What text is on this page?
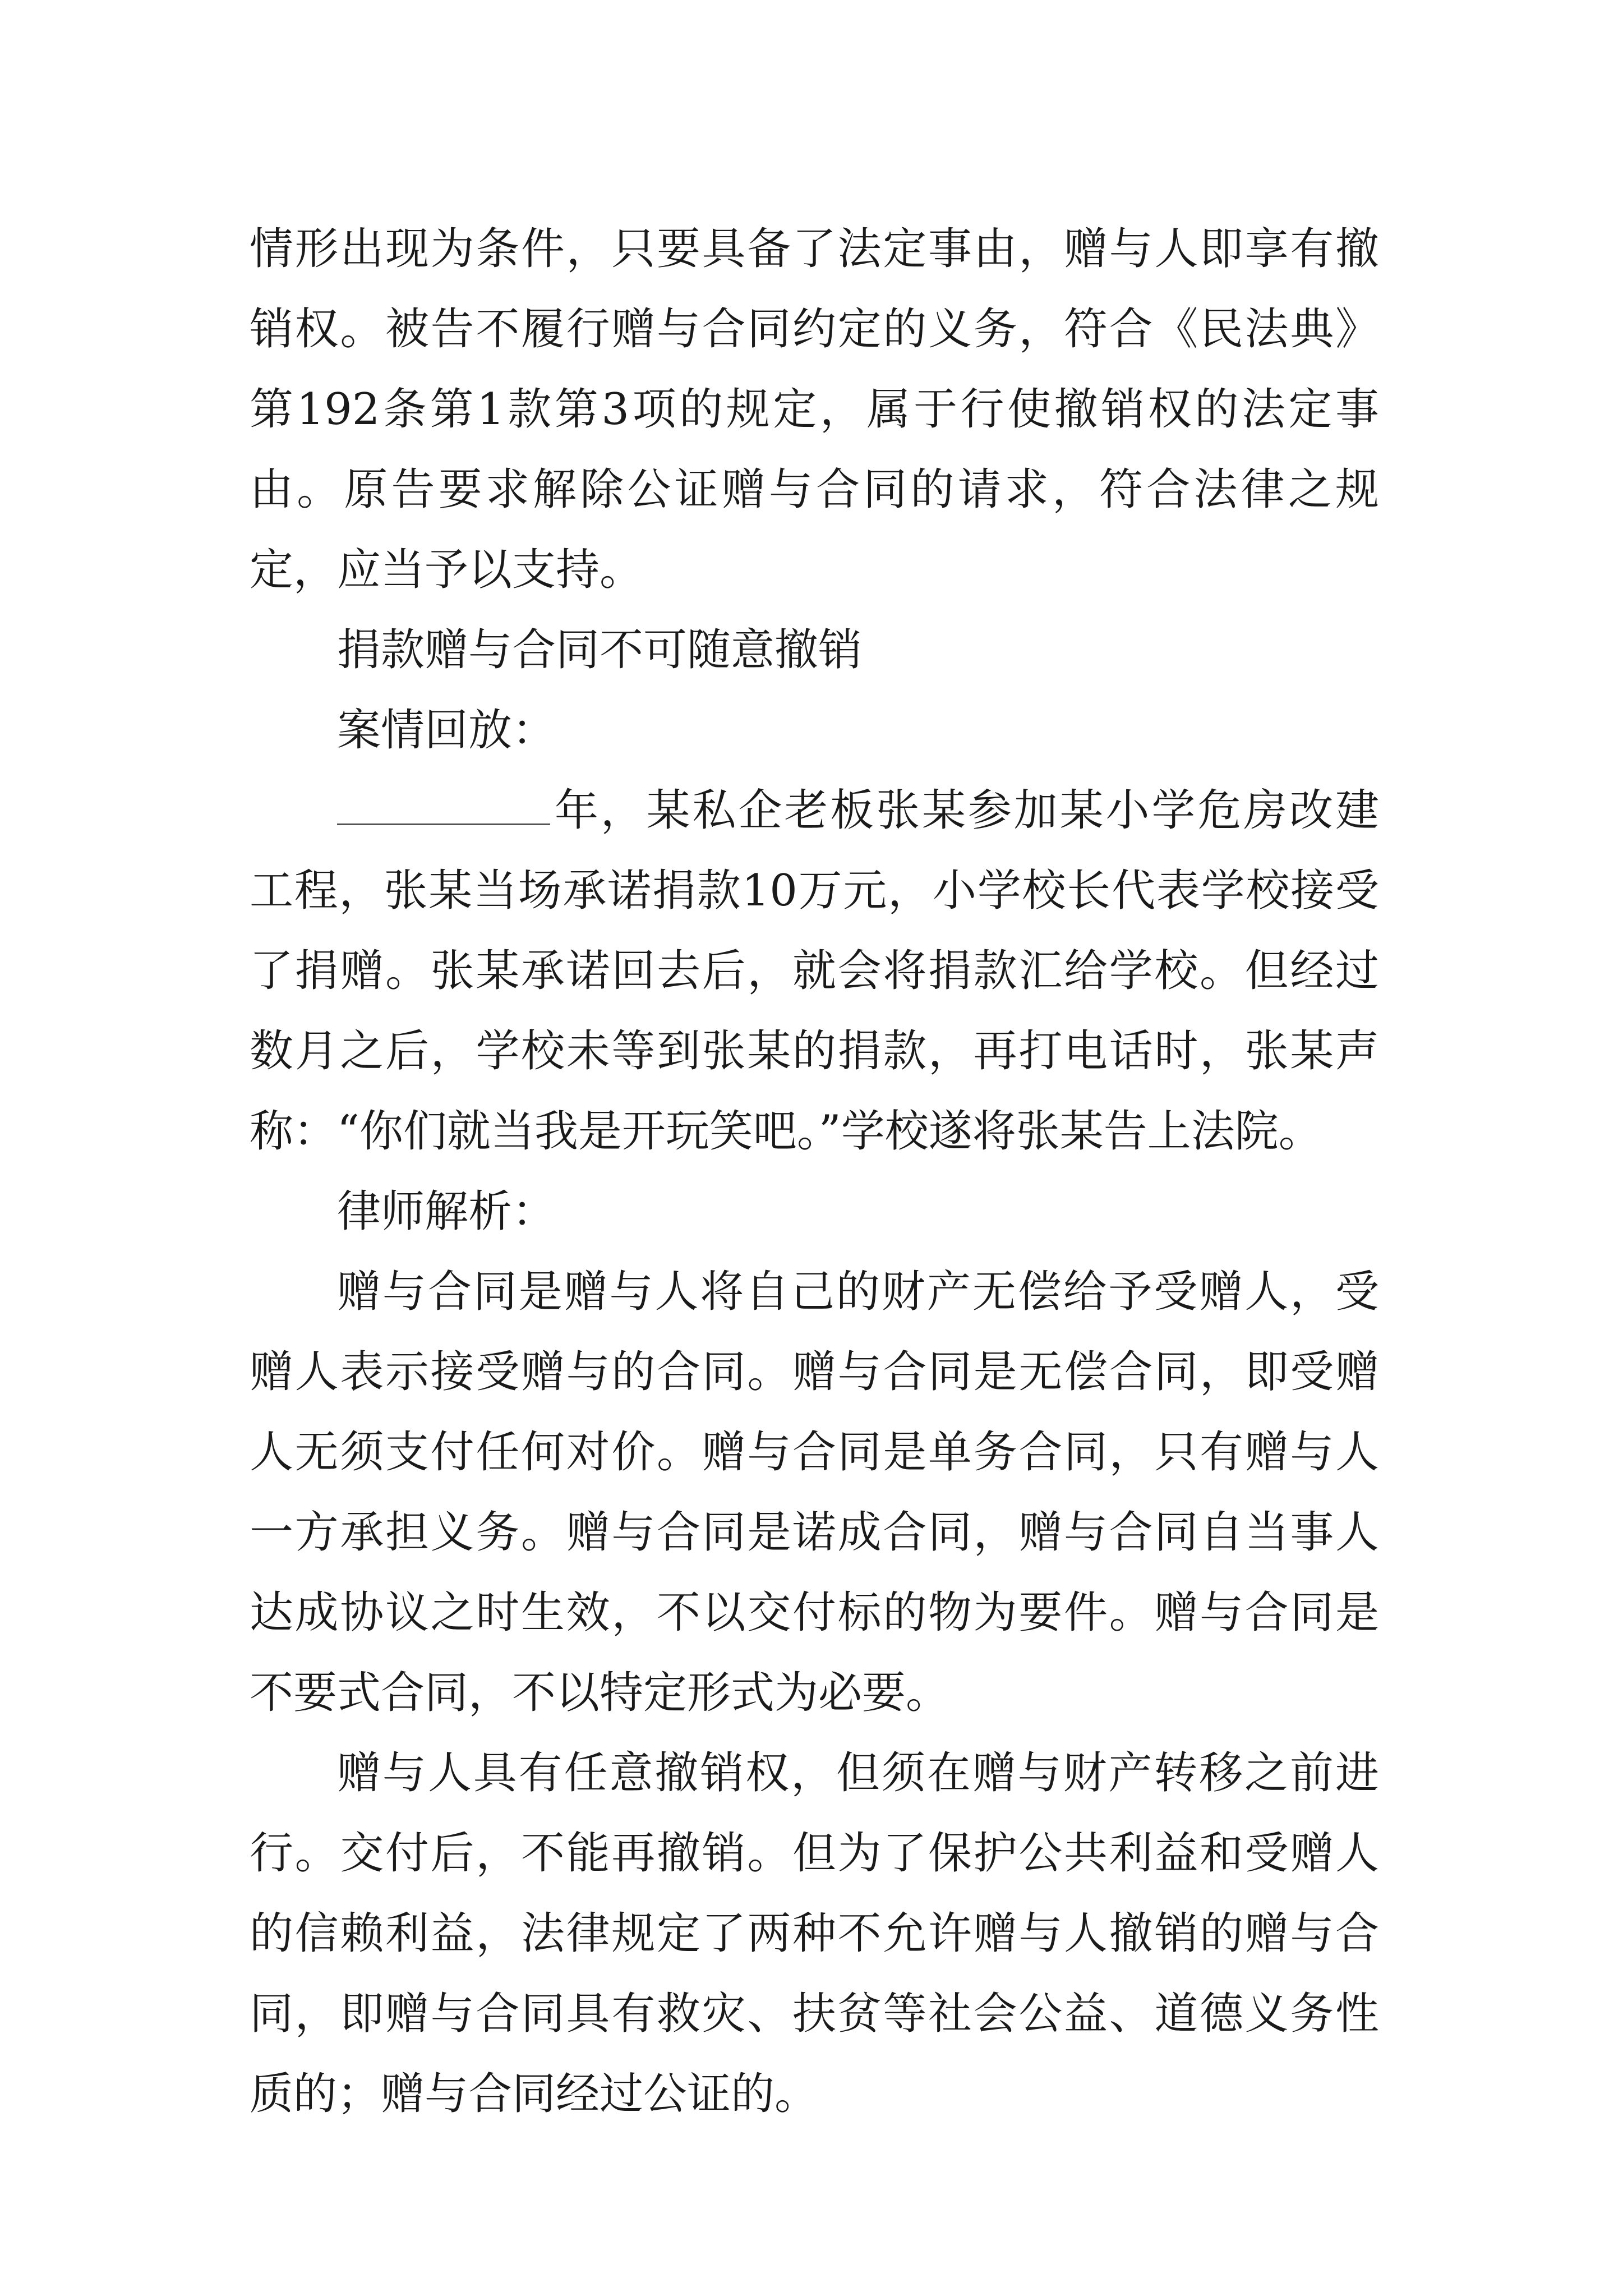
情形出现为条件，只要具备了法定事由，赠与人即享有撤销权。被告不履行赠与合同约定的义务，符合《民法典》第192条第1款第3项的规定，属于行使撤销权的法定事由。原告要求解除公证赠与合同的请求，符合法律之规定，应当予以支持。

捐款赠与合同不可随意撤销

案情回放：

年，某私企老板张某参加某小学危房改建工程，张某当场承诺捐款10万元，小学校长代表学校接受了捐赠。张某承诺回去后，就会将捐款汇给学校。但经过数月之后，学校未等到张某的捐款，再打电话时，张某声称：“你们就当我是开玩笑吧。”学校遂将张某告上法院。

律师解析：

赠与合同是赠与人将自己的财产无偿给予受赠人，受赠人表示接受赠与的合同。赠与合同是无偿合同，即受赠人无须支付任何对价。赠与合同是单务合同，只有赠与人一方承担义务。赠与合同是诺成合同，赠与合同自当事人达成协议之时生效，不以交付标的物为要件。赠与合同是不要式合同，不以特定形式为必要。

赠与人具有任意撤销权，但须在赠与财产转移之前进行。交付后，不能再撤销。但为了保护公共利益和受赠人的信赖利益，法律规定了两种不允许赠与人撤销的赠与合同，即赠与合同具有救灾、扶贫等社会公益、道德义务性质的；赠与合同经过公证的。
